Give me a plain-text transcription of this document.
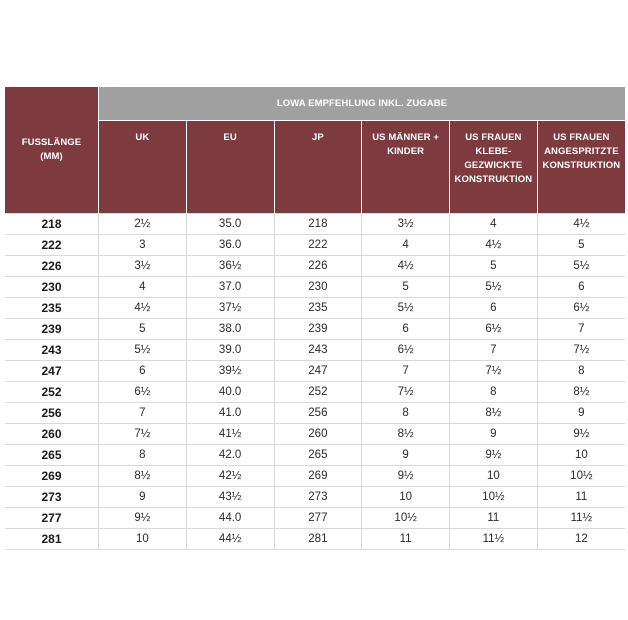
FUSSLÄNGE
(MM)	LOWA EMPFEHLUNG INKL. ZUGABE					
	UK	EU	JP	US MÄNNER +
KINDER	US FRAUEN
KLEBE-
GEZWICKTE
KONSTRUKTION	US FRAUEN
ANGESPRITZTE
KONSTRUKTION
218	2½	35.0	218	3½	4	4½
222	3	36.0	222	4	4½	5
226	3½	36½	226	4½	5	5½
230	4	37.0	230	5	5½	6
235	4½	37½	235	5½	6	6½
239	5	38.0	239	6	6½	7
243	5½	39.0	243	6½	7	7½
247	6	39½	247	7	7½	8
252	6½	40.0	252	7½	8	8½
256	7	41.0	256	8	8½	9
260	7½	41½	260	8½	9	9½
265	8	42.0	265	9	9½	10
269	8½	42½	269	9½	10	10½
273	9	43½	273	10	10½	11
277	9½	44.0	277	10½	11	11½
281	10	44½	281	11	11½	12
